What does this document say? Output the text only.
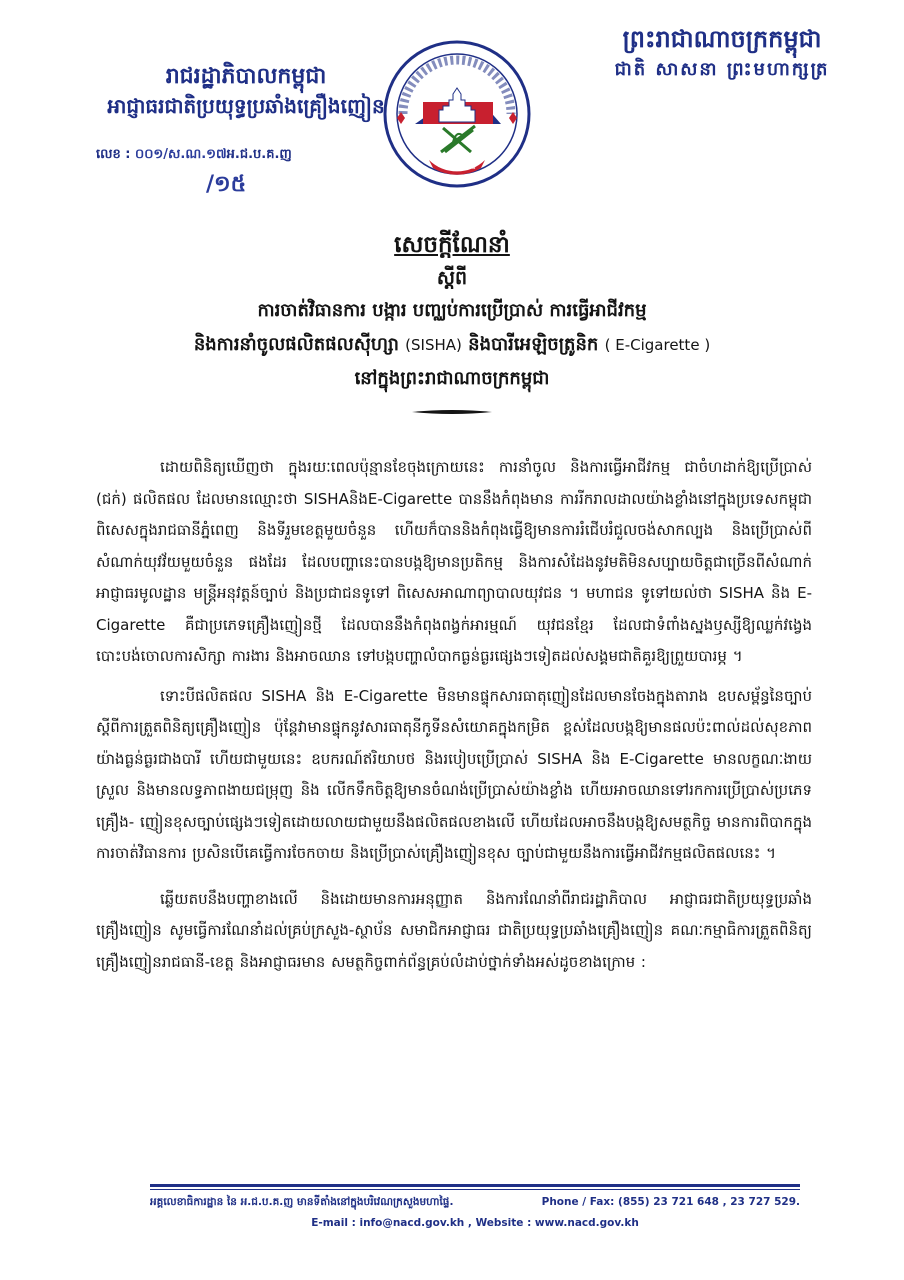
រាជរដ្ឋាភិបាលកម្ពុជា
អាជ្ញាធរជាតិប្រយុទ្ធប្រឆាំងគ្រឿងញៀន
លេខ : ០០១/ស.ណ.១៧អ.ជ.ប.គ.ញ
/១៥
អ.ជ.ប.គ.ញ
ព្រះរាជាណាចក្រកម្ពុជា
ជាតិ សាសនា ព្រះមហាក្សត្រ
សេចក្តីណែនាំ
ស្តីពី
ការចាត់វិធានការ បង្ការ បញ្ឈប់ការប្រើប្រាស់ ការធ្វើអាជីវកម្ម
និងការនាំចូលផលិតផលស៊ីហ្សា (SISHA) និងបារីអេឡិចត្រូនិក ( E-Cigarette )
នៅក្នុងព្រះរាជាណាចក្រកម្ពុជា

ដោយពិនិត្យឃើញថា ក្នុងរយៈពេលប៉ុន្មានខែចុងក្រោយនេះ ការនាំចូល និងការធ្វើអាជីវកម្ម ជាចំហដាក់ឱ្យប្រើប្រាស់ (ជក់) ផលិតផល ដែលមានឈ្មោះថា SISHAនិងE-Cigarette បាននឹងកំពុងមាន ការរីករាលដាលយ៉ាងខ្លាំងនៅក្នុងប្រទេសកម្ពុជា ពិសេសក្នុងរាជធានីភ្នំពេញ និងទីរួមខេត្តមួយចំនួន ហើយក៏បាននិងកំពុងធ្វើឱ្យមានការរំជើបរំជួលចង់សាកល្បង និងប្រើប្រាស់ពីសំណាក់យុវវ័យមួយចំនួន ផងដែរ ដែលបញ្ហានេះបានបង្កឱ្យមានប្រតិកម្ម និងការសំដែងនូវមតិមិនសប្បាយចិត្តជាច្រើនពីសំណាក់ អាជ្ញាធរមូលដ្ឋាន មន្ត្រីអនុវត្តន៍ច្បាប់ និងប្រជាជនទូទៅ ពិសេសអាណាព្យាបាលយុវជន ។ មហាជន ទូទៅយល់ថា SISHA និង E-Cigarette គឺជាប្រភេទគ្រឿងញៀនថ្មី ដែលបាននឹងកំពុងពង្វក់អារម្មណ៍ យុវជនខ្មែរ ដែលជាទំពាំងស្នងឫស្សីឱ្យឈ្លក់វង្វេង បោះបង់ចោលការសិក្សា ការងារ និងអាចឈាន ទៅបង្កបញ្ហាលំបាកធ្ងន់ធ្ងរផ្សេងៗទៀតដល់សង្គមជាតិគួរឱ្យព្រួយបារម្ភ ។

ទោះបីផលិតផល SISHA និង E-Cigarette មិនមានផ្ទុកសារធាតុញៀនដែលមានចែងក្នុងតារាង ឧបសម្ព័ន្ធនៃច្បាប់ ស្តីពីការត្រួតពិនិត្យគ្រឿងញៀន ប៉ុន្តែវាមានផ្ទុកនូវសារធាតុនីកូទីនសំយោគក្នុងកម្រិត ខ្ពស់ដែលបង្កឱ្យមានផលប៉ះពាល់ដល់សុខភាពយ៉ាងធ្ងន់ធ្ងរជាងបារី ហើយជាមួយនេះ ឧបករណ៍ឥរិយាបថ និងរបៀបប្រើប្រាស់ SISHA និង E-Cigarette មានលក្ខណៈងាយស្រួល និងមានលទ្ធភាពងាយជម្រុញ និង លើកទឹកចិត្តឱ្យមានចំណង់ប្រើប្រាស់យ៉ាងខ្លាំង ហើយអាចឈានទៅរកការប្រើប្រាស់ប្រភេទគ្រឿង- ញៀនខុសច្បាប់ផ្សេងៗទៀតដោយលាយជាមួយនឹងផលិតផលខាងលើ ហើយដែលអាចនឹងបង្កឱ្យសមត្ថកិច្ច មានការពិបាកក្នុងការចាត់វិធានការ ប្រសិនបើគេធ្វើការចែកចាយ និងប្រើប្រាស់គ្រឿងញៀនខុស ច្បាប់ជាមួយនឹងការធ្វើអាជីវកម្មផលិតផលនេះ ។

ឆ្លើយតបនឹងបញ្ហាខាងលើ និងដោយមានការអនុញ្ញាត និងការណែនាំពីរាជរដ្ឋាភិបាល អាជ្ញាធរជាតិប្រយុទ្ធប្រឆាំងគ្រឿងញៀន សូមធ្វើការណែនាំដល់គ្រប់ក្រសួង-ស្ថាប័ន សមាជិកអាជ្ញាធរ ជាតិប្រយុទ្ធប្រឆាំងគ្រឿងញៀន គណៈកម្មាធិការត្រួតពិនិត្យគ្រឿងញៀនរាជធានី-ខេត្ត និងអាជ្ញាធរមាន សមត្ថកិច្ចពាក់ព័ន្ធគ្រប់លំដាប់ថ្នាក់ទាំងអស់ដូចខាងក្រោម :

អគ្គលេខាធិការដ្ឋាន នៃ អ.ជ.ប.គ.ញ មានទីតាំងនៅក្នុងបរិវេណក្រសួងមហាផ្ទៃ.	Phone / Fax: (855) 23 721 648 , 23 727 529.
E-mail : info@nacd.gov.kh , Website : www.nacd.gov.kh
